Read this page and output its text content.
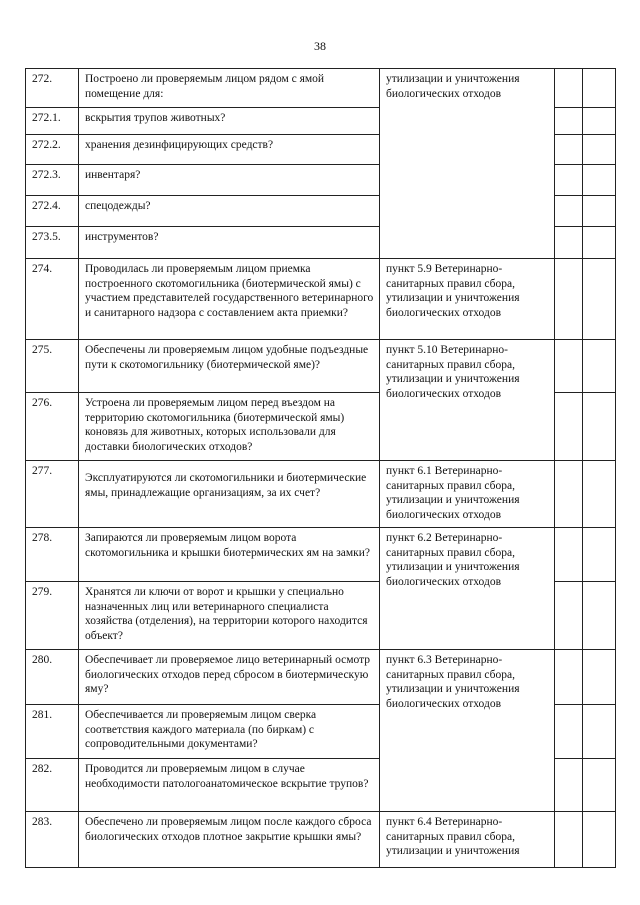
38
272.	Построено ли проверяемым лицом рядом с ямой помещение для:	утилизации и уничтожения биологических отходов		
272.1.	вскрытия трупов животных?			
272.2.	хранения дезинфицирующих средств?			
272.3.	инвентаря?			
272.4.	спецодежды?			
273.5.	инструментов?			
274.	Проводилась ли проверяемым лицом приемка построенного скотомогильника (биотермической ямы) с участием представителей государственного ветеринарного и санитарного надзора с составлением акта приемки?	пункт 5.9 Ветеринарно-санитарных правил сбора, утилизации и уничтожения биологических отходов		
275.	Обеспечены ли проверяемым лицом удобные подъездные пути к скотомогильнику (биотермической яме)?	пункт 5.10 Ветеринарно-санитарных правил сбора, утилизации и уничтожения биологических отходов		
276.	Устроена ли проверяемым лицом перед въездом на территорию скотомогильника (биотермической ямы) коновязь для животных, которых использовали для доставки биологических отходов?			
277.	Эксплуатируются ли скотомогильники и биотермические ямы, принадлежащие организациям, за их счет?	пункт 6.1 Ветеринарно-санитарных правил сбора, утилизации и уничтожения биологических отходов		
278.	Запираются ли проверяемым лицом ворота скотомогильника и крышки биотермических ям на замки?	пункт 6.2 Ветеринарно-санитарных правил сбора, утилизации и уничтожения биологических отходов		
279.	Хранятся ли ключи от ворот и крышки у специально назначенных лиц или ветеринарного специалиста хозяйства (отделения), на территории которого находится объект?			
280.	Обеспечивает ли проверяемое лицо ветеринарный осмотр биологических отходов перед сбросом в биотермическую яму?	пункт 6.3 Ветеринарно-санитарных правил сбора, утилизации и уничтожения биологических отходов		
281.	Обеспечивается ли проверяемым лицом сверка соответствия каждого материала (по биркам) с сопроводительными документами?			
282.	Проводится ли проверяемым лицом в случае необходимости патологоанатомическое вскрытие трупов?			
283.	Обеспечено ли проверяемым лицом после каждого сброса биологических отходов плотное закрытие крышки ямы?	пункт 6.4 Ветеринарно-санитарных правил сбора, утилизации и уничтожения		
